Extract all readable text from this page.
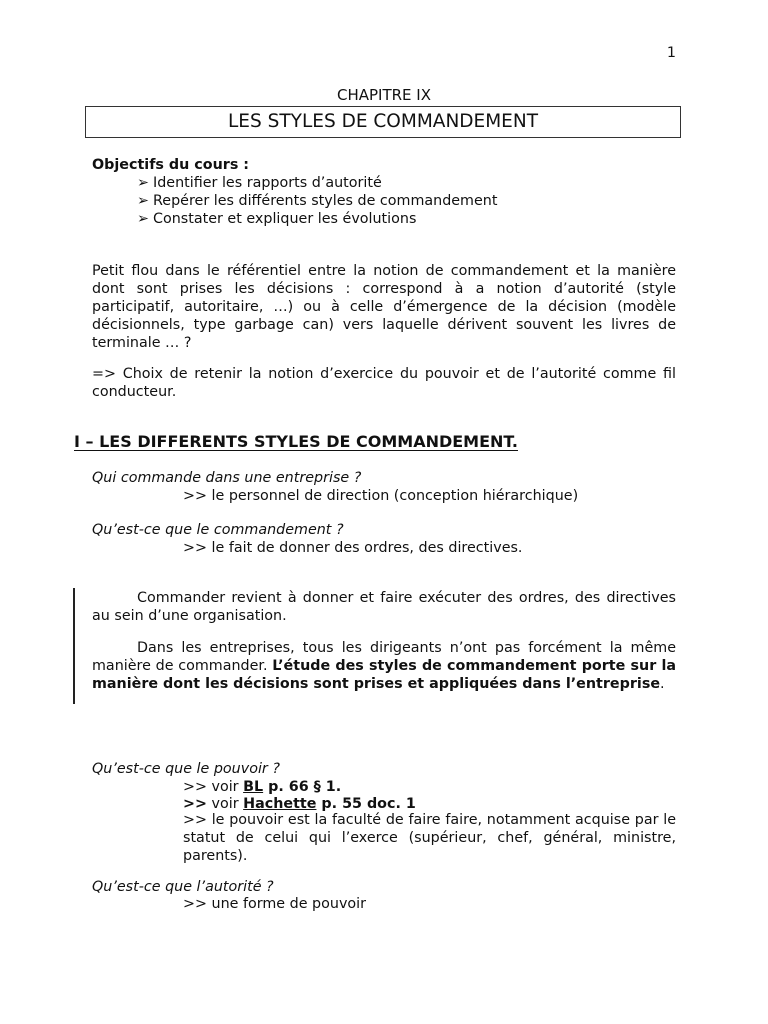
1
CHAPITRE IX
LES STYLES DE COMMANDEMENT
Objectifs du cours :
➢ Identifier les rapports d’autorité
➢ Repérer les différents styles de commandement
➢ Constater et expliquer les évolutions

Petit flou dans le référentiel entre la notion de commandement et la manière dont sont prises les décisions : correspond à a notion d’autorité (style participatif, autoritaire, …) ou à celle d’émergence de la décision (modèle décisionnels, type garbage can) vers laquelle dérivent souvent les livres de terminale … ?

=> Choix de retenir la notion d’exercice du pouvoir et de l’autorité comme fil conducteur.

I – LES DIFFERENTS STYLES DE COMMANDEMENT.
Qui commande dans une entreprise ?
>> le personnel de direction (conception hiérarchique)
Qu’est-ce que le commandement ?
>> le fait de donner des ordres, des directives.

Commander revient à donner et faire exécuter des ordres, des directives au sein d’une organisation.

Dans les entreprises, tous les dirigeants n’ont pas forcément la même manière de commander. L’étude des styles de commandement porte sur la manière dont les décisions sont prises et appliquées dans l’entreprise.

Qu’est-ce que le pouvoir ?
>> voir BL p. 66 § 1.
>> voir Hachette p. 55 doc. 1

>> le pouvoir est la faculté de faire faire, notamment acquise par le statut de celui qui l’exerce (supérieur, chef, général, ministre, parents).

Qu’est-ce que l’autorité ?
>> une forme de pouvoir
